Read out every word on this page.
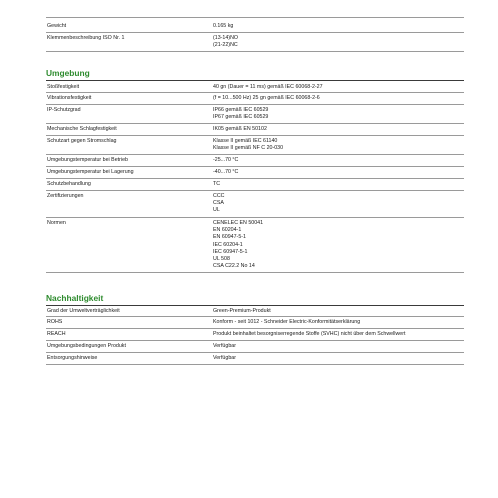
Gewicht	0.165 kg
Klemmenbeschreibung ISO Nr. 1	(13-14)NO
(21-22)NC
Umgebung
Stoßfestigkeit	40 gn (Dauer = 11 ms) gemäß IEC 60068-2-27
Vibrationsfestigkeit	(f = 10...500 Hz) 25 gn gemäß IEC 60068-2-6
IP-Schutzgrad	IP66 gemäß IEC 60529
IP67 gemäß IEC 60529
Mechanische Schlagfestigkeit	IK05 gemäß EN 50102
Schutzart gegen Stromschlag	Klasse II gemäß IEC 61140
Klasse II gemäß NF C 20-030
Umgebungstemperatur bei Betrieb	-25...70 °C
Umgebungstemperatur bei Lagerung	-40...70 °C
Schutzbehandlung	TC
Zertifizierungen	CCC
CSA
UL
Normen	CENELEC EN 50041
EN 60204-1
EN 60947-5-1
IEC 60204-1
IEC 60947-5-1
UL 508
CSA C22.2 No 14
Nachhaltigkeit
Grad der Umweltverträglichkeit	Green-Premium-Produkt
ROHS	Konform - seit 1012 - Schneider Electric-Konformitätserklärung
REACH	Produkt beinhaltet besorgniserregende Stoffe (SVHC) nicht über dem Schwellwert
Umgebungsbedingungen Produkt	Verfügbar
Entsorgungshinweise	Verfügbar
